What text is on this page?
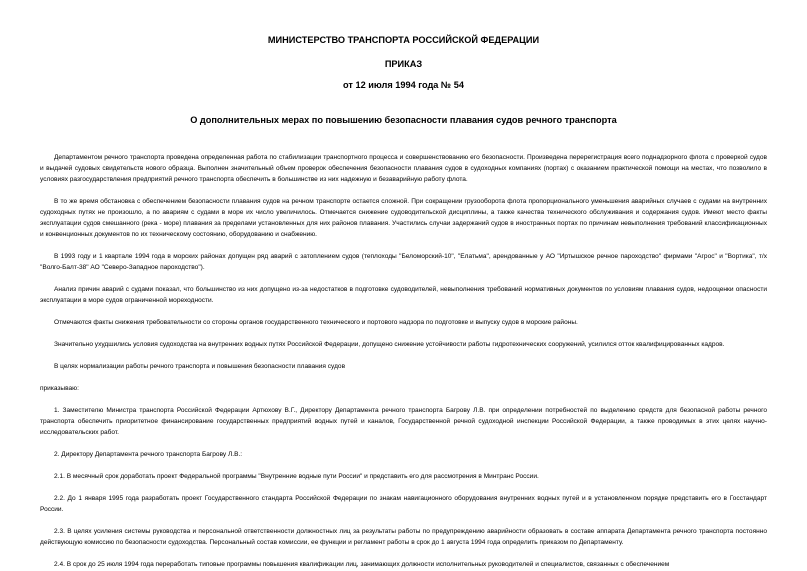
МИНИСТЕРСТВО ТРАНСПОРТА РОССИЙСКОЙ ФЕДЕРАЦИИ
ПРИКАЗ
от 12 июля 1994 года № 54
О дополнительных мерах по повышению безопасности плавания судов речного транспорта

Департаментом речного транспорта проведена определенная работа по стабилизации транспортного процесса и совершенствованию его безопасности. Произведена перерегистрация всего поднадзорного флота с проверкой судов и выдачей судовых свидетельств нового образца. Выполнен значительный объем проверок обеспечения безопасности плавания судов в судоходных компаниях (портах) с оказанием практической помощи на местах, что позволило в условиях разгосударствления предприятий речного транспорта обеспечить в большинстве из них надежную и безаварийную работу флота.

В то же время обстановка с обеспечением безопасности плавания судов на речном транспорте остается сложной. При сокращении грузооборота флота пропорционального уменьшения аварийных случаев с судами на внутренних судоходных путях не произошло, а по авариям с судами в море их число увеличилось. Отмечается снижение судоводительской дисциплины, а также качества технического обслуживания и содержания судов. Имеют место факты эксплуатации судов смешанного (река - море) плавания за пределами установленных для них районов плавания. Участились случаи задержаний судов в иностранных портах по причинам невыполнения требований классификационных и конвенционных документов по их техническому состоянию, оборудованию и снабжению.

В 1993 году и 1 квартале 1994 года в морских районах допущен ряд аварий с затоплением судов (теплоходы "Беломорский-10", "Елатьма", арендованные у АО "Иртышское речное пароходство" фирмами "Агрос" и "Вортика", т/х "Волго-Балт-38" АО "Северо-Западное пароходство").

Анализ причин аварий с судами показал, что большинство из них допущено из-за недостатков в подготовке судоводителей, невыполнения требований нормативных документов по условиям плавания судов, недооценки опасности эксплуатации в море судов ограниченной мореходности.

Отмечаются факты снижения требовательности со стороны органов государственного технического и портового надзора по подготовке и выпуску судов в морские районы.

Значительно ухудшились условия судоходства на внутренних водных путях Российской Федерации, допущено снижение устойчивости работы гидротехнических сооружений, усилился отток квалифицированных кадров.

В целях нормализации работы речного транспорта и повышения безопасности плавания судов

приказываю:

1. Заместителю Министра транспорта Российской Федерации Артюхову В.Г., Директору Департамента речного транспорта Багрову Л.В. при определении потребностей по выделению средств для безопасной работы речного транспорта обеспечить приоритетное финансирование государственных предприятий водных путей и каналов, Государственной речной судоходной инспекции Российской Федерации, а также проводимых в этих целях научно-исследовательских работ.

2. Директору Департамента речного транспорта Багрову Л.В.:

2.1. В месячный срок доработать проект Федеральной программы "Внутренние водные пути России" и представить его для рассмотрения в Минтранс России.

2.2. До 1 января 1995 года разработать проект Государственного стандарта Российской Федерации по знакам навигационного оборудования внутренних водных путей и в установленном порядке представить его в Госстандарт России.

2.3. В целях усиления системы руководства и персональной ответственности должностных лиц за результаты работы по предупреждению аварийности образовать в составе аппарата Департамента речного транспорта постоянно действующую комиссию по безопасности судоходства. Персональный состав комиссии, ее функции и регламент работы в срок до 1 августа 1994 года определить приказом по Департаменту.

2.4. В срок до 25 июля 1994 года переработать типовые программы повышения квалификации лиц, занимающих должности исполнительных руководителей и специалистов, связанных с обеспечением
